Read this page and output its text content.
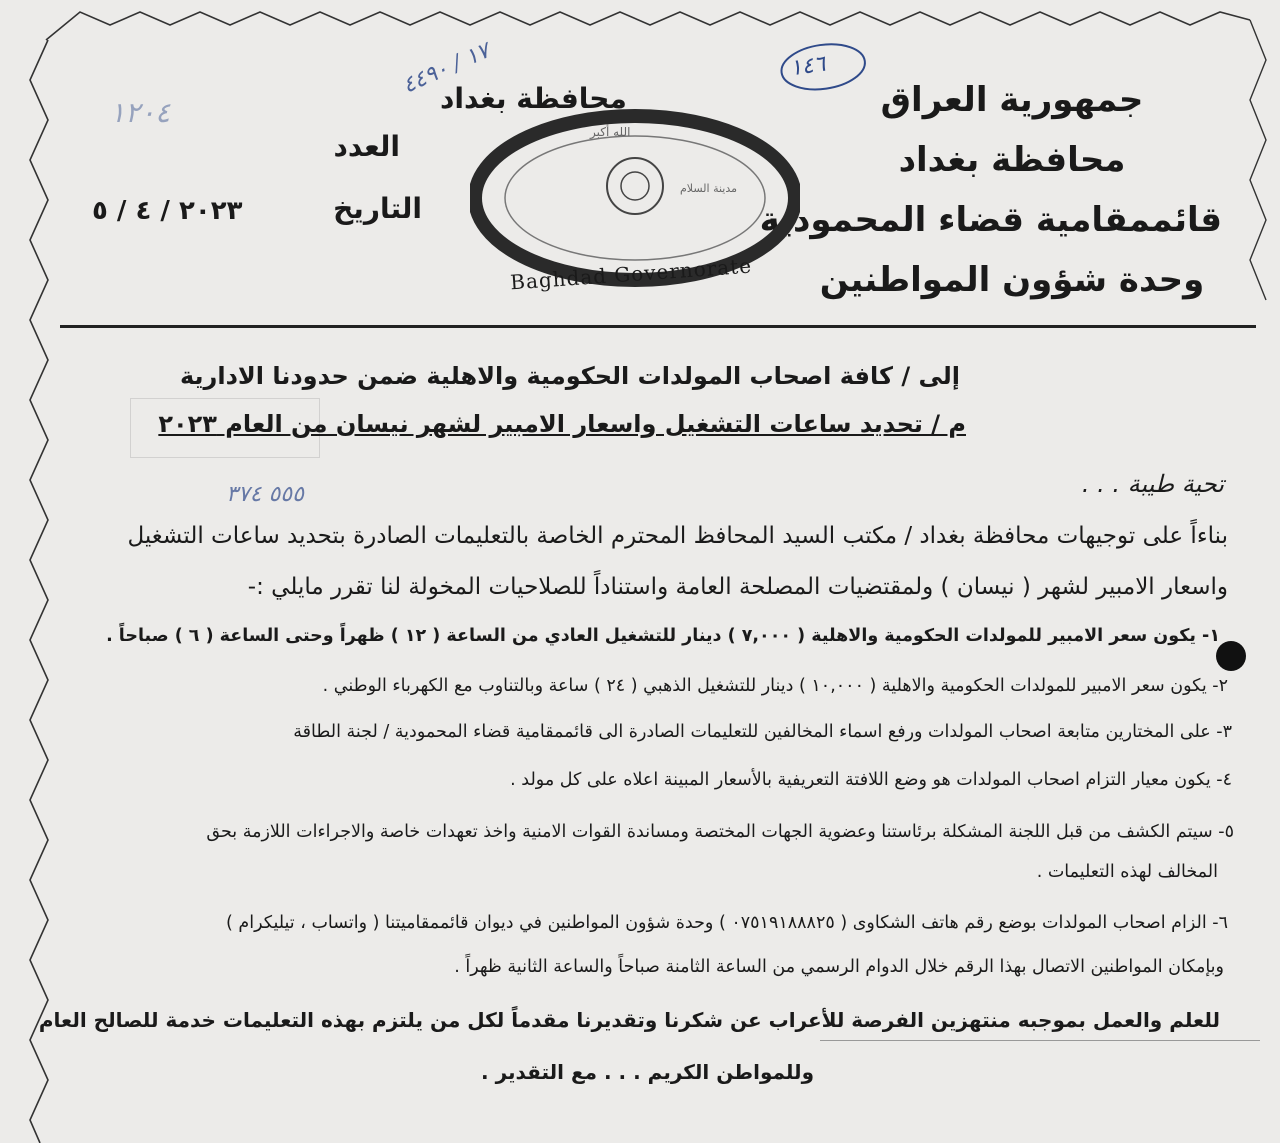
جمهورية العراق
محافظة بغداد
قائممقامية قضاء المحمودية
وحدة شؤون المواطنين
الله أكبر
مدينة السلام
محافظة بغداد
Baghdad Governorate
العدد
التاريخ
٢٠٢٣ / ٤ / ٥
١٢٠٤
١٧ / ٤٤٩٠	١٤٦
إلى / كافة اصحاب المولدات الحكومية والاهلية ضمن حدودنا الادارية
م / تحديد ساعات التشغيل واسعار الامبير لشهر نيسان من العام ٢٠٢٣
تحية طيبة . . .
٥٥٥ ٣٧٤
بناءاً على توجيهات محافظة بغداد / مكتب السيد المحافظ المحترم الخاصة بالتعليمات الصادرة بتحديد ساعات التشغيل
واسعار الامبير لشهر ( نيسان ) ولمقتضيات المصلحة العامة واستناداً للصلاحيات المخولة لنا تقرر مايلي :-
١- يكون سعر الامبير للمولدات الحكومية والاهلية ( ٧,٠٠٠ ) دينار للتشغيل العادي من الساعة ( ١٢ ) ظهراً وحتى الساعة ( ٦ ) صباحاً .
٢- يكون سعر الامبير للمولدات الحكومية والاهلية ( ١٠,٠٠٠ ) دينار للتشغيل الذهبي ( ٢٤ ) ساعة وبالتناوب مع الكهرباء الوطني .
٣- على المختارين متابعة اصحاب المولدات ورفع اسماء المخالفين للتعليمات الصادرة الى قائممقامية قضاء المحمودية / لجنة الطاقة
٤- يكون معيار التزام اصحاب المولدات هو وضع اللافتة التعريفية بالأسعار المبينة اعلاه على كل مولد .
٥- سيتم الكشف من قبل اللجنة المشكلة برئاستنا وعضوية الجهات المختصة ومساندة القوات الامنية واخذ تعهدات خاصة والاجراءات اللازمة بحق
المخالف لهذه التعليمات .
٦- الزام اصحاب المولدات بوضع رقم هاتف الشكاوى ( ٠٧٥١٩١٨٨٨٢٥ ) وحدة شؤون المواطنين في ديوان قائممقاميتنا ( واتساب ، تيليكرام )
وبإمكان المواطنين الاتصال بهذا الرقم خلال الدوام الرسمي من الساعة الثامنة صباحاً والساعة الثانية ظهراً .
للعلم والعمل بموجبه منتهزين الفرصة للأعراب عن شكرنا وتقديرنا مقدماً لكل من يلتزم بهذه التعليمات خدمة للصالح العام
وللمواطن الكريم . . . مع التقدير .
